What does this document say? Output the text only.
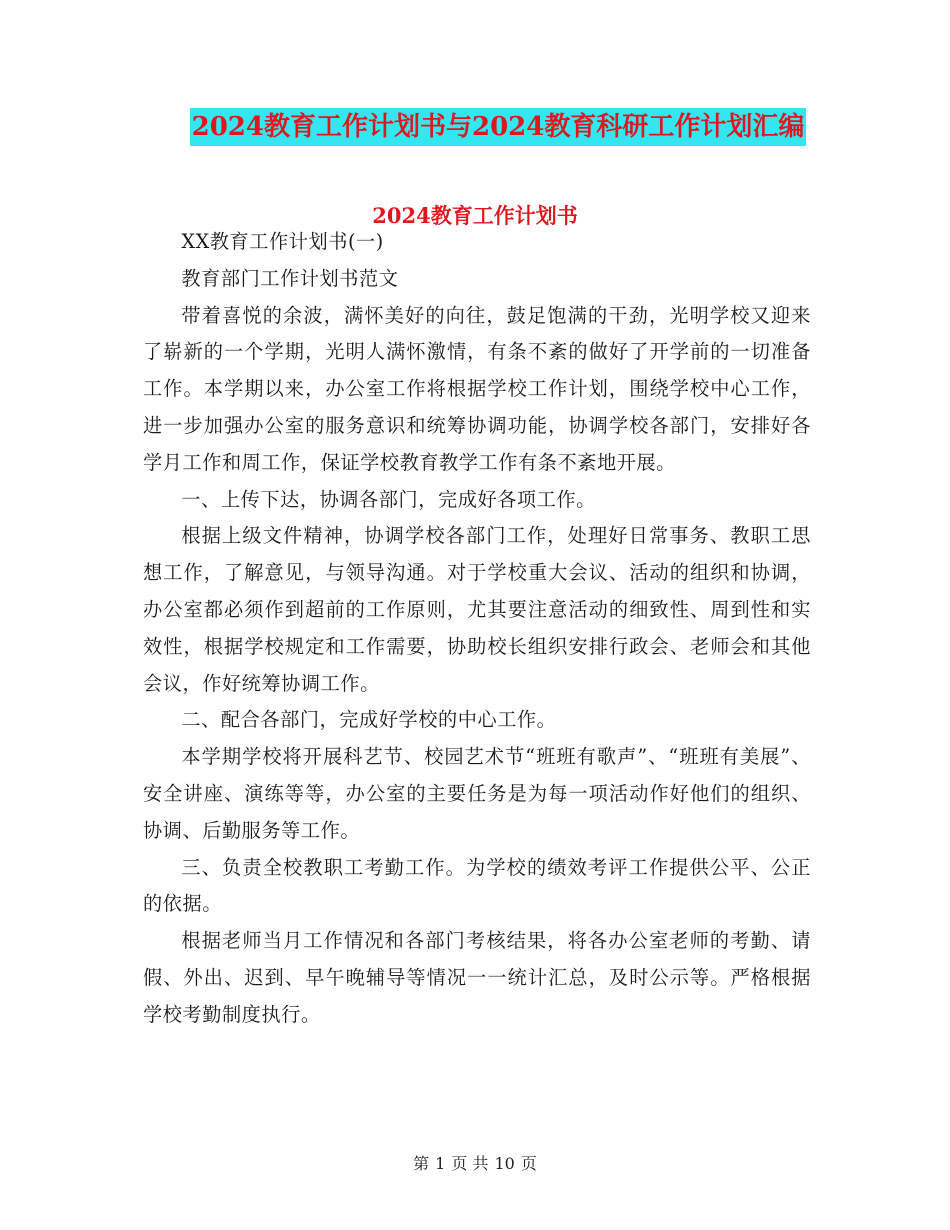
2024教育工作计划书与2024教育科研工作计划汇编
2024教育工作计划书

XX教育工作计划书(一)

教育部门工作计划书范文

带着喜悦的余波，满怀美好的向往，鼓足饱满的干劲，光明学校又迎来了崭新的一个学期，光明人满怀激情，有条不紊的做好了开学前的一切准备工作。本学期以来，办公室工作将根据学校工作计划，围绕学校中心工作，进一步加强办公室的服务意识和统筹协调功能，协调学校各部门，安排好各学月工作和周工作，保证学校教育教学工作有条不紊地开展。

一、上传下达，协调各部门，完成好各项工作。

根据上级文件精神，协调学校各部门工作，处理好日常事务、教职工思想工作，了解意见，与领导沟通。对于学校重大会议、活动的组织和协调，办公室都必须作到超前的工作原则，尤其要注意活动的细致性、周到性和实效性，根据学校规定和工作需要，协助校长组织安排行政会、老师会和其他会议，作好统筹协调工作。

二、配合各部门，完成好学校的中心工作。

本学期学校将开展科艺节、校园艺术节“班班有歌声”、“班班有美展”、安全讲座、演练等等，办公室的主要任务是为每一项活动作好他们的组织、协调、后勤服务等工作。

三、负责全校教职工考勤工作。为学校的绩效考评工作提供公平、公正的依据。

根据老师当月工作情况和各部门考核结果，将各办公室老师的考勤、请假、外出、迟到、早午晚辅导等情况一一统计汇总，及时公示等。严格根据学校考勤制度执行。

第 1 页 共 10 页
